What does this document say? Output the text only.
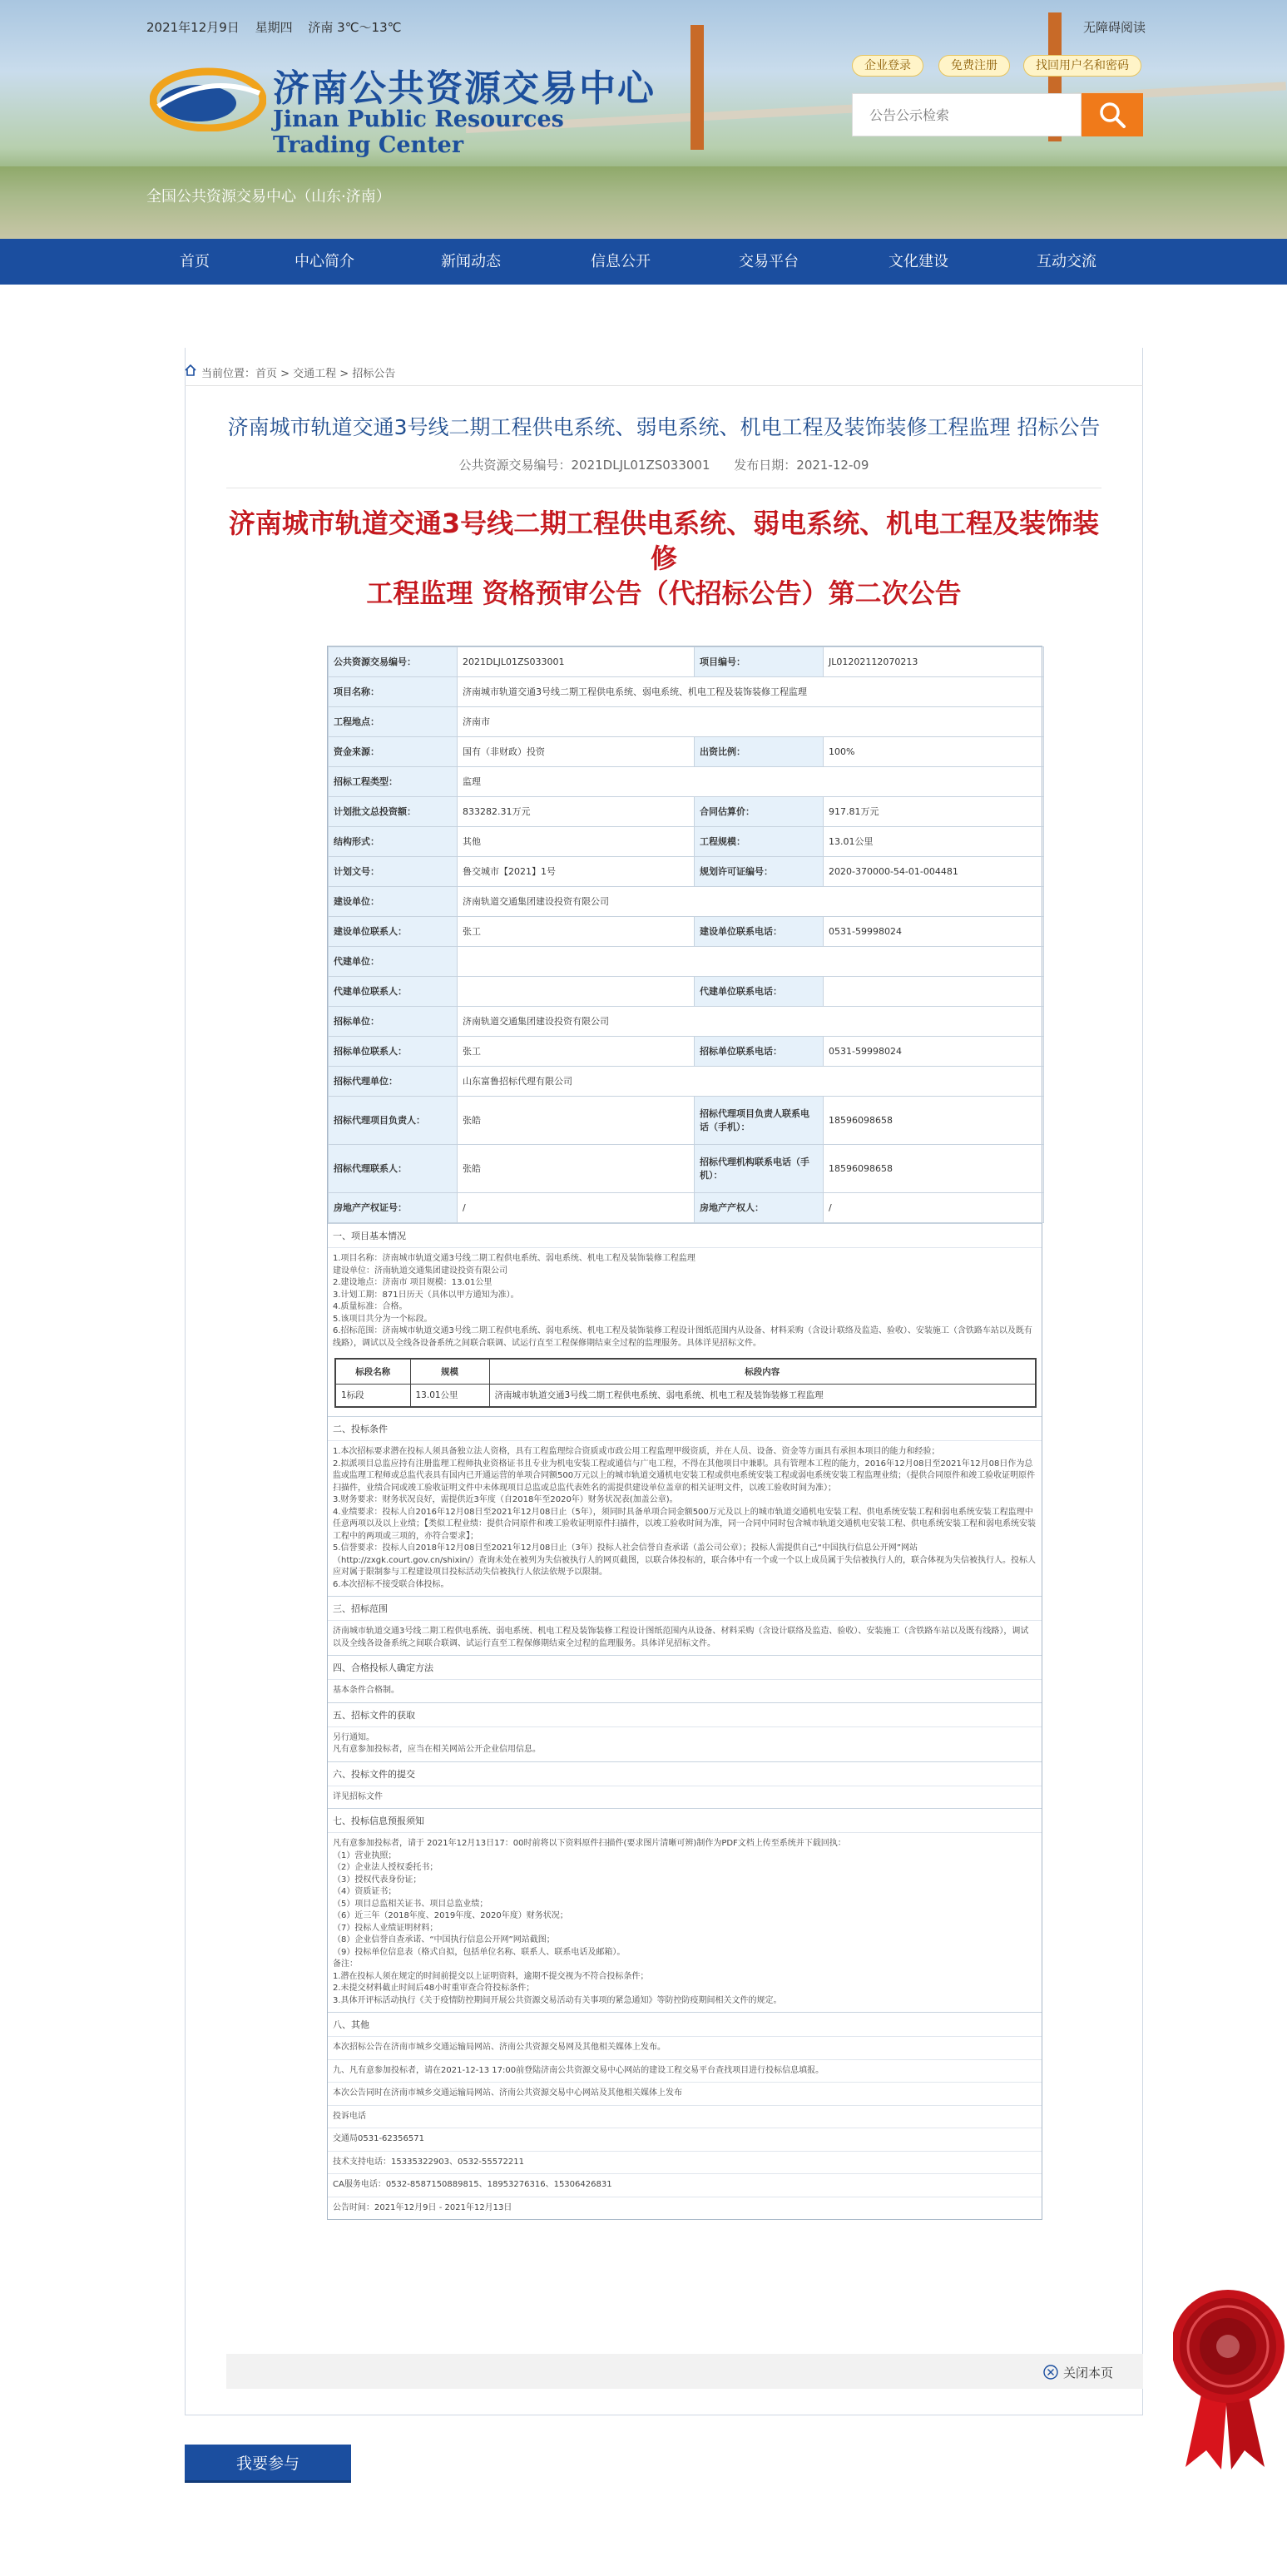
2021年12月9日 星期四 济南 3℃～13℃	无障碍阅读
济南公共资源交易中心
Jinan Public Resources Trading Center
全国公共资源交易中心（山东·济南）
企业登录	免费注册	找回用户名和密码
公告公示检索
首页	中心简介	新闻动态	信息公开	交易平台	文化建设	互动交流
当前位置：首页 > 交通工程 > 招标公告
济南城市轨道交通3号线二期工程供电系统、弱电系统、机电工程及装饰装修工程监理 招标公告
公共资源交易编号：2021DLJL01ZS033001 发布日期：2021-12-09
济南城市轨道交通3号线二期工程供电系统、弱电系统、机电工程及装饰装修
工程监理 资格预审公告（代招标公告）第二次公告
公共资源交易编号：	2021DLJL01ZS033001	项目编号：	JL01202112070213
项目名称：	济南城市轨道交通3号线二期工程供电系统、弱电系统、机电工程及装饰装修工程监理		
工程地点：	济南市		
资金来源：	国有（非财政）投资	出资比例：	100%
招标工程类型：	监理		
计划批文总投资额：	833282.31万元	合同估算价：	917.81万元
结构形式：	其他	工程规模：	13.01公里
计划文号：	鲁交城市【2021】1号	规划许可证编号：	2020-370000-54-01-004481
建设单位：	济南轨道交通集团建设投资有限公司		
建设单位联系人：	张工	建设单位联系电话：	0531-59998024
代建单位：			
代建单位联系人：		代建单位联系电话：	
招标单位：	济南轨道交通集团建设投资有限公司		
招标单位联系人：	张工	招标单位联系电话：	0531-59998024
招标代理单位：	山东富鲁招标代理有限公司		
招标代理项目负责人：	张皓	招标代理项目负责人联系电话（手机）：	18596098658
招标代理联系人：	张皓	招标代理机构联系电话（手机）：	18596098658
房地产产权证号：	/	房地产产权人：	/
一、项目基本情况
1.项目名称：济南城市轨道交通3号线二期工程供电系统、弱电系统、机电工程及装饰装修工程监理
建设单位：济南轨道交通集团建设投资有限公司
2.建设地点：济南市 项目规模：13.01公里
3.计划工期：871日历天（具体以甲方通知为准）。
4.质量标准：合格。
5.该项目共分为一个标段。
6.招标范围：济南城市轨道交通3号线二期工程供电系统、弱电系统、机电工程及装饰装修工程设计图纸范围内从设备、材料采购（含设计联络及监造、验收）、安装施工（含铁路车站以及既有线路），调试以及全线各设备系统之间联合联调、试运行直至工程保修期结束全过程的监理服务。具体详见招标文件。
标段名称	规模	标段内容
1标段	13.01公里	济南城市轨道交通3号线二期工程供电系统、弱电系统、机电工程及装饰装修工程监理
二、投标条件
1.本次招标要求潜在投标人须具备独立法人资格，具有工程监理综合资质或市政公用工程监理甲级资质，并在人员、设备、资金等方面具有承担本项目的能力和经验；
2.拟派项目总监应持有注册监理工程师执业资格证书且专业为机电安装工程或通信与广电工程，不得在其他项目中兼职。具有管理本工程的能力，2016年12月08日至2021年12月08日作为总监或监理工程师或总监代表具有国内已开通运营的单项合同额500万元以上的城市轨道交通机电安装工程或供电系统安装工程或弱电系统安装工程监理业绩；（提供合同原件和竣工验收证明原件扫描件，业绩合同或竣工验收证明文件中未体现项目总监或总监代表姓名的需提供建设单位盖章的相关证明文件，以竣工验收时间为准）；
3.财务要求：财务状况良好，需提供近3年度（自2018年至2020年）财务状况表(加盖公章)。
4.业绩要求：投标人自2016年12月08日至2021年12月08日止（5年），须同时具备单项合同金额500万元及以上的城市轨道交通机电安装工程、供电系统安装工程和弱电系统安装工程监理中任意两项以及以上业绩；【类似工程业绩：提供合同原件和竣工验收证明原件扫描件，以竣工验收时间为准，同一合同中同时包含城市轨道交通机电安装工程、供电系统安装工程和弱电系统安装工程中的两项或三项的，亦符合要求】；
5.信誉要求：投标人自2018年12月08日至2021年12月08日止（3年）投标人社会信誉自查承诺（盖公司公章）；投标人需提供自己“中国执行信息公开网”网站（http://zxgk.court.gov.cn/shixin/）查询未处在被列为失信被执行人的网页截图，以联合体投标的，联合体中有一个或一个以上成员属于失信被执行人的，联合体视为失信被执行人。投标人应对属于限制参与工程建设项目投标活动失信被执行人依法依规予以限制。
6.本次招标不接受联合体投标。
三、招标范围
济南城市轨道交通3号线二期工程供电系统、弱电系统、机电工程及装饰装修工程设计图纸范围内从设备、材料采购（含设计联络及监造、验收）、安装施工（含铁路车站以及既有线路），调试以及全线各设备系统之间联合联调、试运行直至工程保修期结束全过程的监理服务。具体详见招标文件。
四、合格投标人确定方法
基本条件合格制。
五、招标文件的获取
另行通知。
凡有意参加投标者，应当在相关网站公开企业信用信息。
六、投标文件的提交
详见招标文件
七、投标信息预报须知
凡有意参加投标者，请于 2021年12月13日17：00时前将以下资料原件扫描件(要求图片清晰可辨)制作为PDF文档上传至系统并下载回执：
（1）营业执照；
（2）企业法人授权委托书；
（3）授权代表身份证；
（4）资质证书；
（5）项目总监相关证书、项目总监业绩；
（6）近三年（2018年度、2019年度、2020年度）财务状况；
（7）投标人业绩证明材料；
（8）企业信誉自查承诺、“中国执行信息公开网”网站截图；
（9）投标单位信息表（格式自拟，包括单位名称、联系人、联系电话及邮箱）。
备注：
1.潜在投标人须在规定的时间前提交以上证明资料，逾期不提交视为不符合投标条件；
2.未提交材料截止时间后48小时重审查合符投标条件；
3.具体开评标活动执行《关于疫情防控期间开展公共资源交易活动有关事项的紧急通知》等防控防疫期间相关文件的规定。
八、其他
本次招标公告在济南市城乡交通运输局网站、济南公共资源交易网及其他相关媒体上发布。
九、凡有意参加投标者，请在2021-12-13 17:00前登陆济南公共资源交易中心网站的建设工程交易平台查找项目进行投标信息填报。
本次公告同时在济南市城乡交通运输局网站、济南公共资源交易中心网站及其他相关媒体上发布
投诉电话
交通局0531-62356571
技术支持电话：15335322903、0532-55572211
CA服务电话：0532-8587150889815、18953276316、15306426831
公告时间：2021年12月9日 - 2021年12月13日
关闭本页
我要参与
